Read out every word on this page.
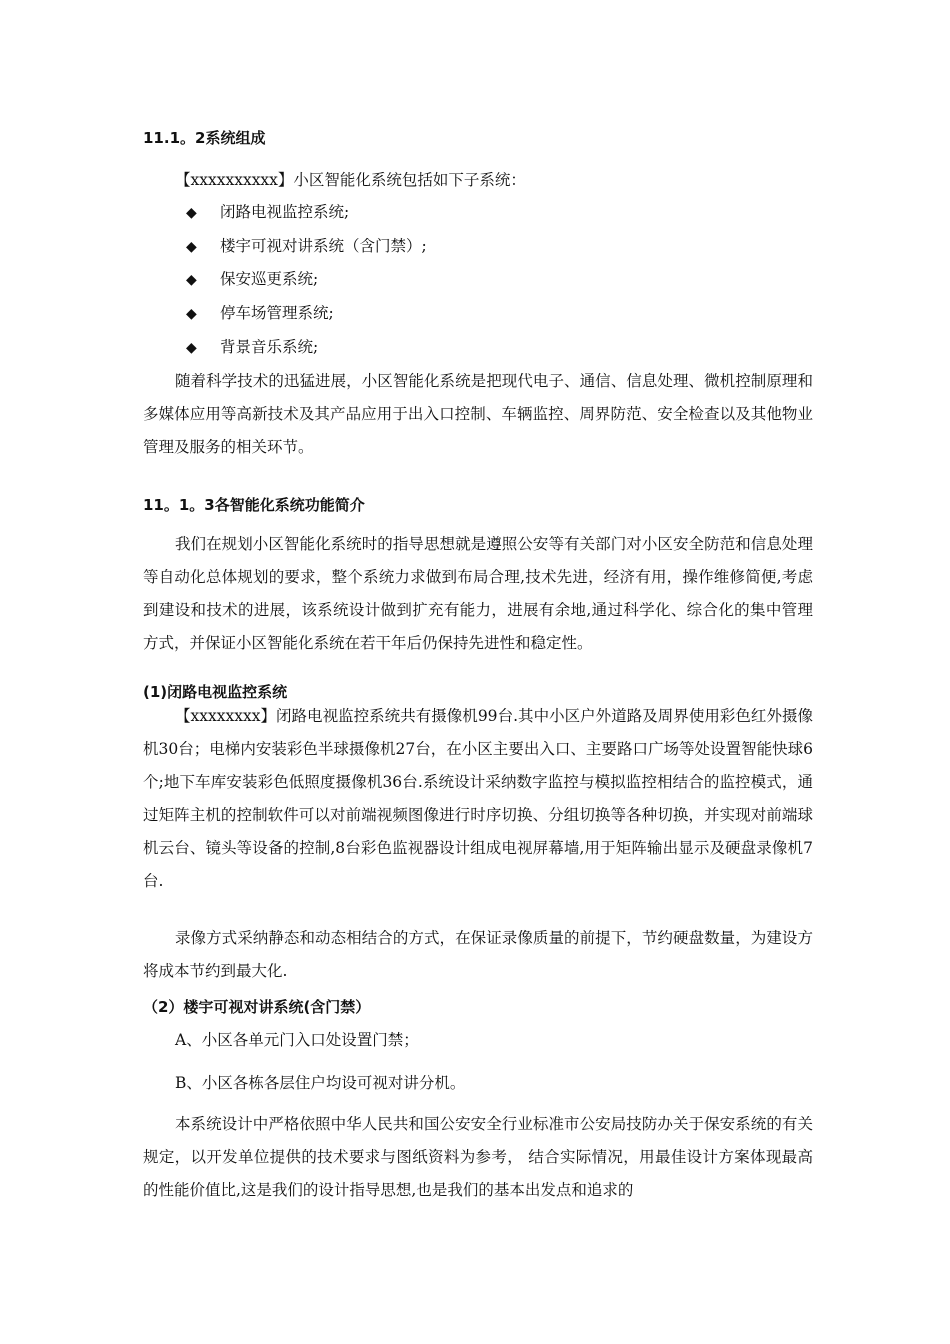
11.1。2系统组成
【xxxxxxxxxx】小区智能化系统包括如下子系统：
◆ 闭路电视监控系统;
◆ 楼宇可视对讲系统（含门禁）;
◆ 保安巡更系统;
◆ 停车场管理系统;
◆ 背景音乐系统;

随着科学技术的迅猛进展，小区智能化系统是把现代电子、通信、信息处理、微机控制原理和多媒体应用等高新技术及其产品应用于出入口控制、车辆监控、周界防范、安全检查以及其他物业管理及服务的相关环节。

11。1。3各智能化系统功能简介

我们在规划小区智能化系统时的指导思想就是遵照公安等有关部门对小区安全防范和信息处理等自动化总体规划的要求，整个系统力求做到布局合理,技术先进，经济有用，操作维修简便,考虑到建设和技术的进展，该系统设计做到扩充有能力，进展有余地,通过科学化、综合化的集中管理方式，并保证小区智能化系统在若干年后仍保持先进性和稳定性。

(1)闭路电视监控系统

【xxxxxxxx】闭路电视监控系统共有摄像机99台.其中小区户外道路及周界使用彩色红外摄像机30台；电梯内安装彩色半球摄像机27台，在小区主要出入口、主要路口广场等处设置智能快球6个;地下车库安装彩色低照度摄像机36台.系统设计采纳数字监控与模拟监控相结合的监控模式，通过矩阵主机的控制软件可以对前端视频图像进行时序切换、分组切换等各种切换，并实现对前端球机云台、镜头等设备的控制,8台彩色监视器设计组成电视屏幕墙,用于矩阵输出显示及硬盘录像机7台.

录像方式采纳静态和动态相结合的方式，在保证录像质量的前提下，节约硬盘数量，为建设方将成本节约到最大化.

（2）楼宇可视对讲系统(含门禁）
A、小区各单元门入口处设置门禁；
B、小区各栋各层住户均设可视对讲分机。

本系统设计中严格依照中华人民共和国公安安全行业标准市公安局技防办关于保安系统的有关规定，以开发单位提供的技术要求与图纸资料为参考， 结合实际情况，用最佳设计方案体现最高的性能价值比,这是我们的设计指导思想,也是我们的基本出发点和追求的
